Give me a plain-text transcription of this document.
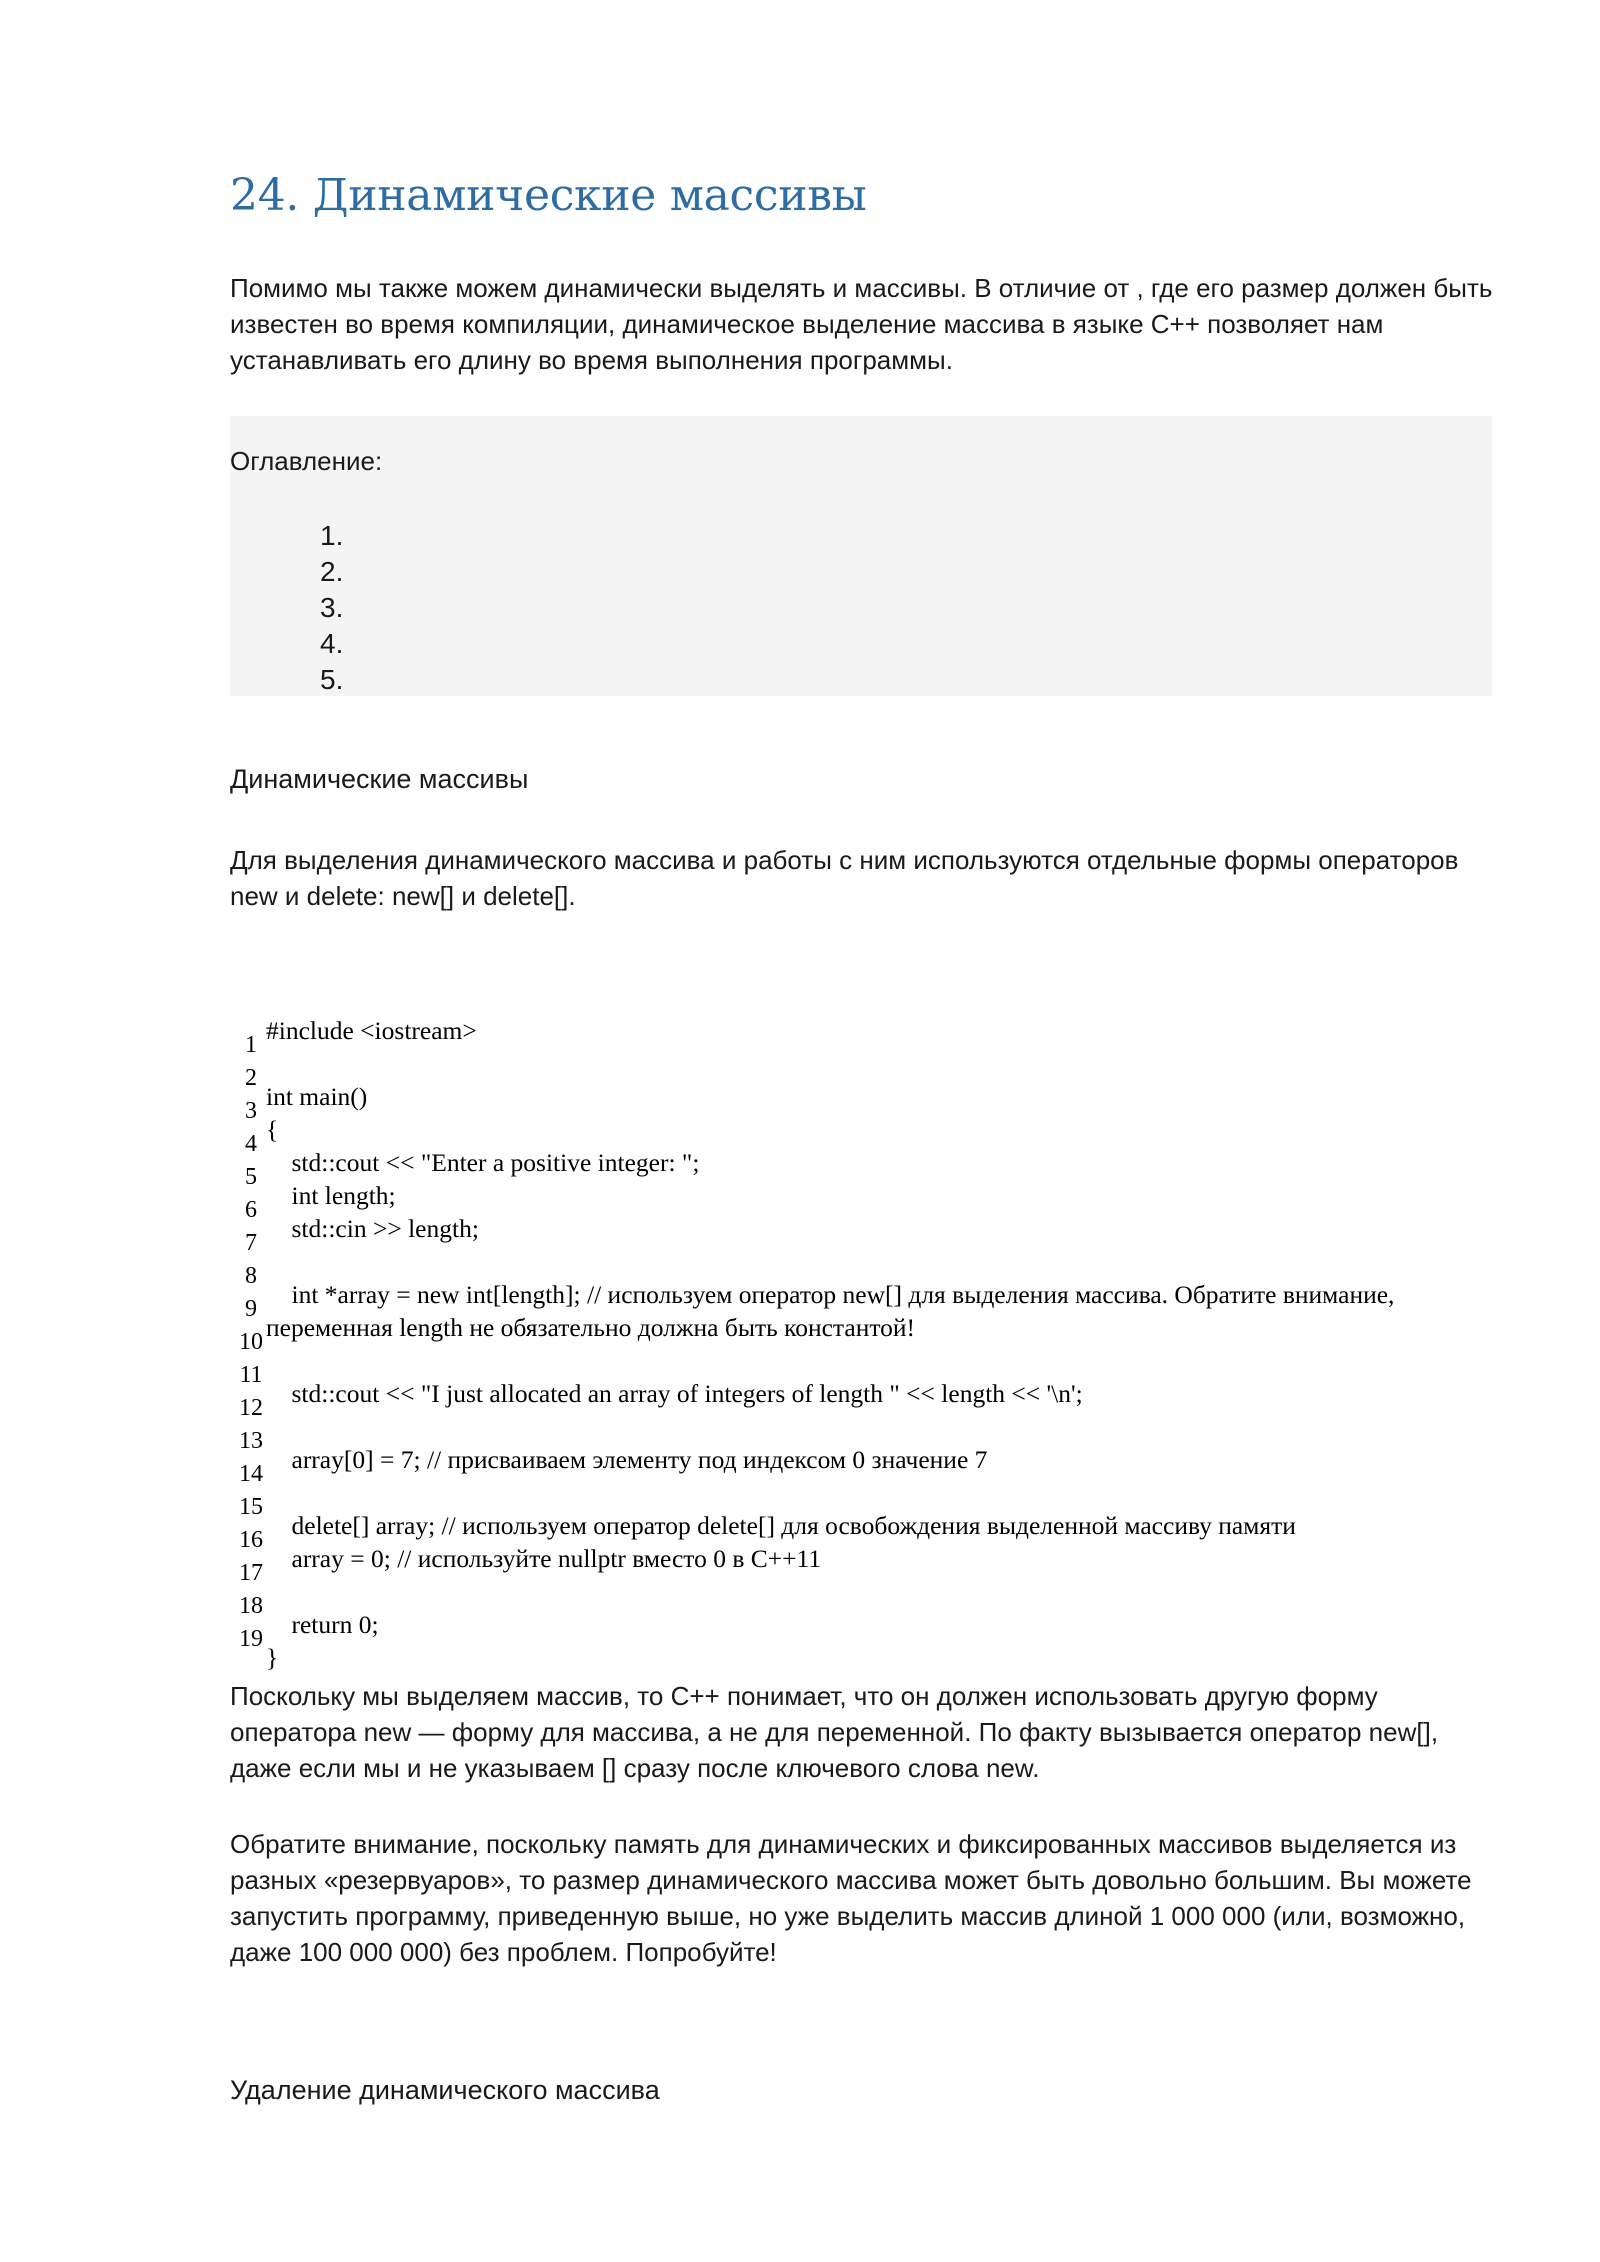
24. Динамические массивы
Помимо мы также можем динамически выделять и массивы. В отличие от , где его размер должен быть известен во время компиляции, динамическое выделение массива в языке C++ позволяет нам устанавливать его длину во время выполнения программы.
Оглавление:
1.
2.
3.
4.
5.
Динамические массивы
Для выделения динамического массива и работы с ним используются отдельные формы операторов new и delete: new[] и delete[].
1
2
3
4
5
6
7
8
9
10
11
12
13
14
15
16
17
18
19
#include <iostream>
int main()
{
std::cout << "Enter a positive integer: ";
int length;
std::cin >> length;
int *array = new int[length]; // используем оператор new[] для выделения массива. Обратите внимание, переменная length не обязательно должна быть константой!
std::cout << "I just allocated an array of integers of length " << length << '\n';
array[0] = 7; // присваиваем элементу под индексом 0 значение 7
delete[] array; // используем оператор delete[] для освобождения выделенной массиву памяти
array = 0; // используйте nullptr вместо 0 в C++11
return 0;
}
Поскольку мы выделяем массив, то C++ понимает, что он должен использовать другую форму оператора new — форму для массива, а не для переменной. По факту вызывается оператор new[], даже если мы и не указываем [] сразу после ключевого слова new.
Обратите внимание, поскольку память для динамических и фиксированных массивов выделяется из разных «резервуаров», то размер динамического массива может быть довольно большим. Вы можете запустить программу, приведенную выше, но уже выделить массив длиной 1 000 000 (или, возможно, даже 100 000 000) без проблем. Попробуйте!
Удаление динамического массива
